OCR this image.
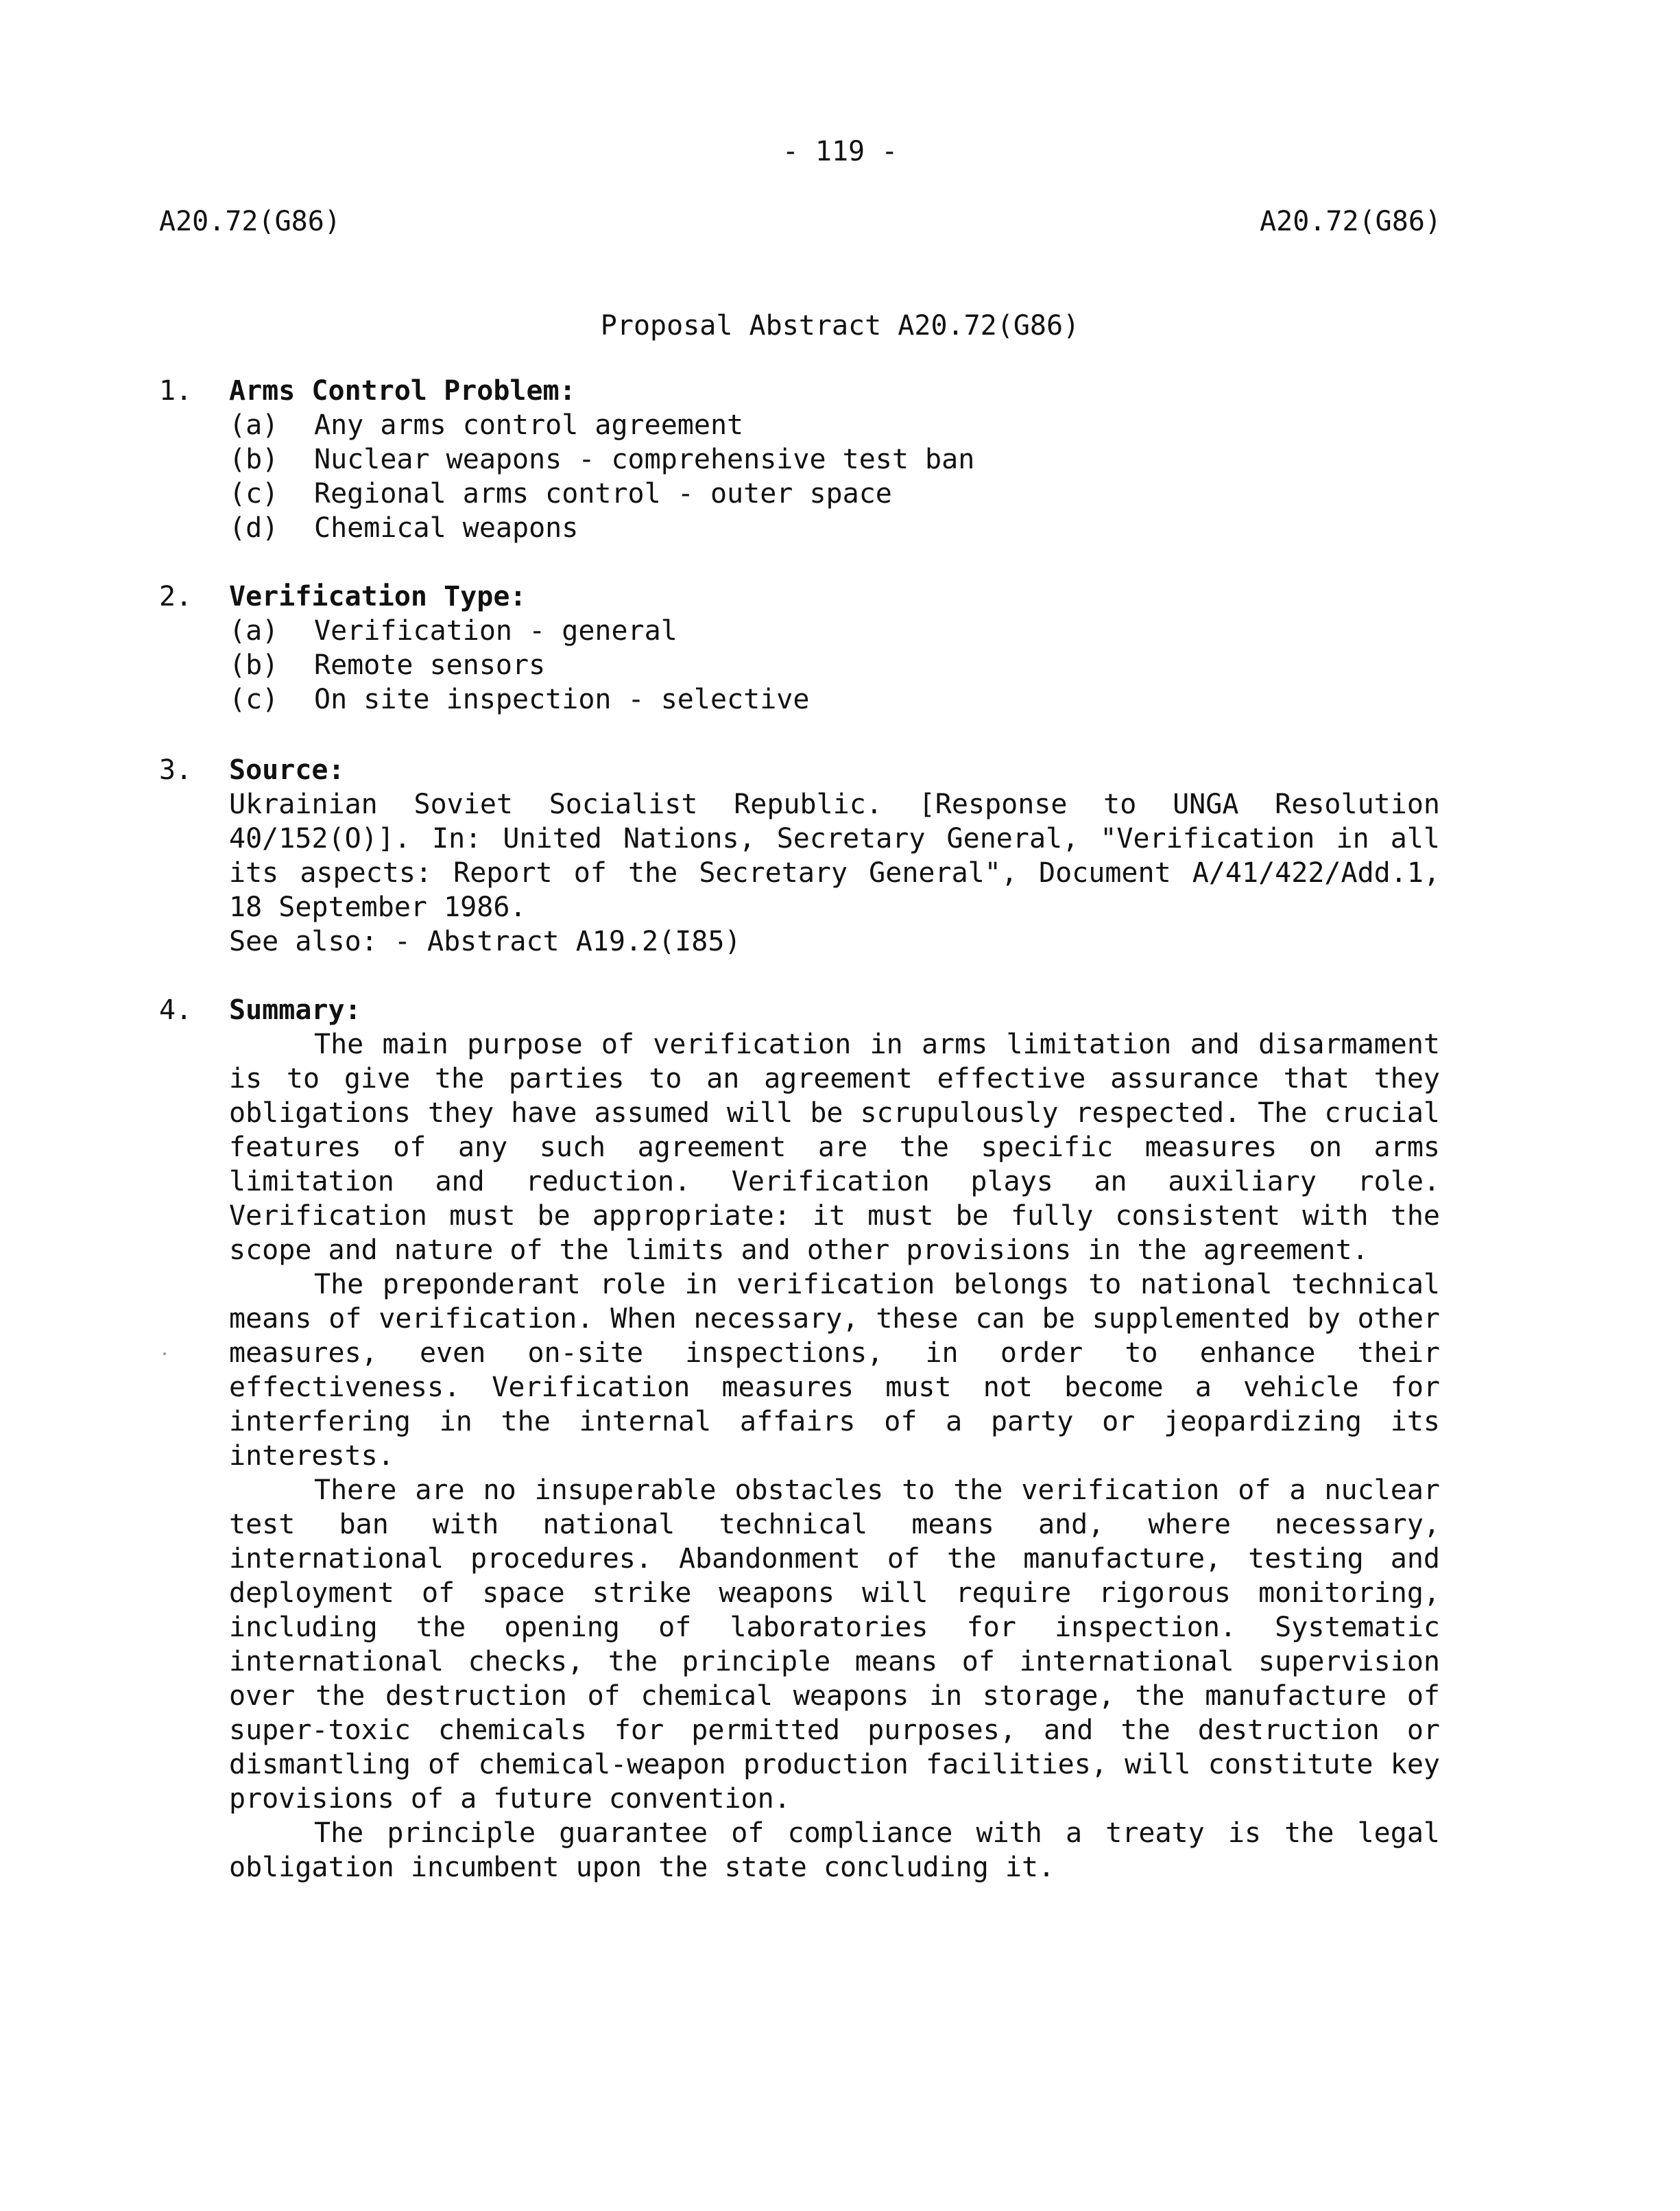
- 119 -
A20.72(G86)	A20.72(G86)
Proposal Abstract A20.72(G86)
1. Arms Control Problem:
(a) Any arms control agreement
(b) Nuclear weapons - comprehensive test ban
(c) Regional arms control - outer space
(d) Chemical weapons
2. Verification Type:
(a) Verification - general
(b) Remote sensors
(c) On site inspection - selective
3. Source:
Ukrainian Soviet Socialist Republic. [Response to UNGA Resolution 40/152(O)]. In: United Nations, Secretary General, "Verification in all its aspects: Report of the Secretary General", Document A/41/422/Add.1, 18 September 1986.
See also: - Abstract A19.2(I85)
4. Summary:
The main purpose of verification in arms limitation and disarmament is to give the parties to an agreement effective assurance that they obligations they have assumed will be scrupulously respected. The crucial features of any such agreement are the specific measures on arms limitation and reduction. Verification plays an auxiliary role. Verification must be appropriate: it must be fully consistent with the scope and nature of the limits and other provisions in the agreement.
The preponderant role in verification belongs to national technical means of verification. When necessary, these can be supplemented by other measures, even on-site inspections, in order to enhance their effectiveness. Verification measures must not become a vehicle for interfering in the internal affairs of a party or jeopardizing its interests.
There are no insuperable obstacles to the verification of a nuclear test ban with national technical means and, where necessary, international procedures. Abandonment of the manufacture, testing and deployment of space strike weapons will require rigorous monitoring, including the opening of laboratories for inspection. Systematic international checks, the principle means of international supervision over the destruction of chemical weapons in storage, the manufacture of super-toxic chemicals for permitted purposes, and the destruction or dismantling of chemical-weapon production facilities, will constitute key provisions of a future convention.
The principle guarantee of compliance with a treaty is the legal obligation incumbent upon the state concluding it.
